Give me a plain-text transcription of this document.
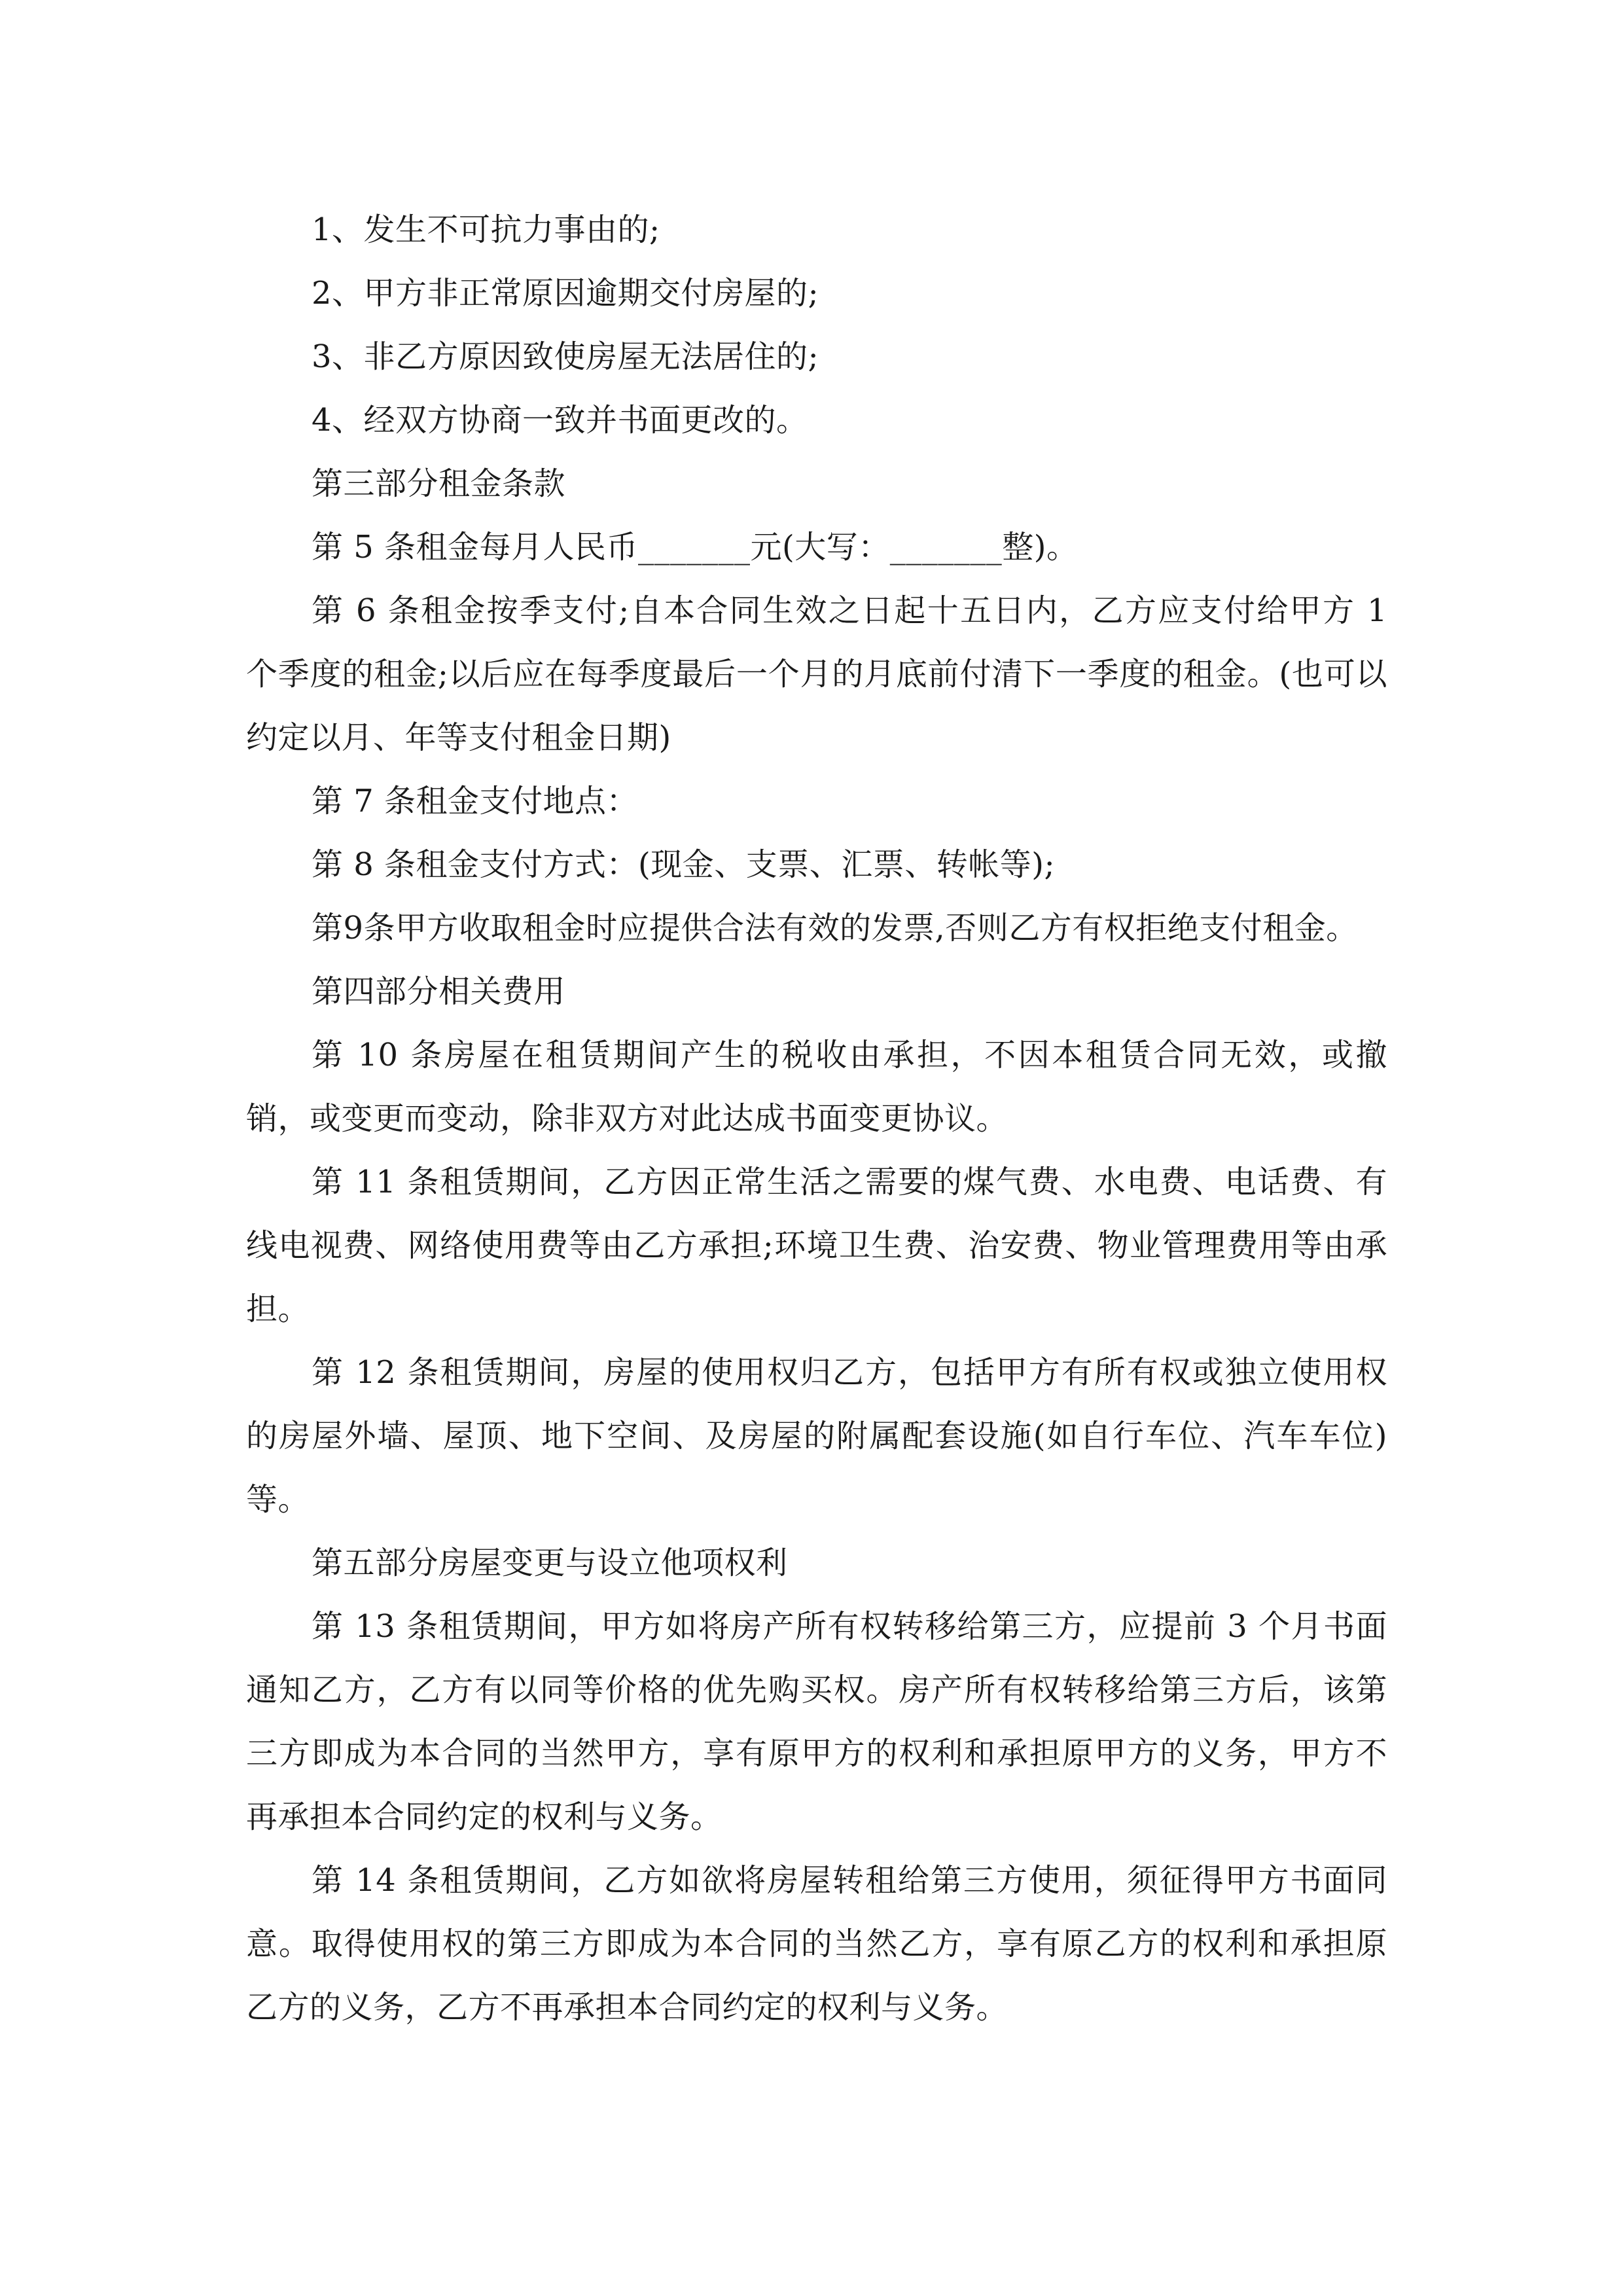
1、发生不可抗力事由的;

2、甲方非正常原因逾期交付房屋的;

3、非乙方原因致使房屋无法居住的;

4、经双方协商一致并书面更改的。

第三部分租金条款

第 5 条租金每月人民币_______元(大写：_______整)。

第 6 条租金按季支付;自本合同生效之日起十五日内，乙方应支付给甲方 1 个季度的租金;以后应在每季度最后一个月的月底前付清下一季度的租金。(也可以约定以月、年等支付租金日期)

第 7 条租金支付地点：

第 8 条租金支付方式：(现金、支票、汇票、转帐等);

第9条甲方收取租金时应提供合法有效的发票,否则乙方有权拒绝支付租金。

第四部分相关费用

第 10 条房屋在租赁期间产生的税收由承担，不因本租赁合同无效，或撤销，或变更而变动，除非双方对此达成书面变更协议。

第 11 条租赁期间，乙方因正常生活之需要的煤气费、水电费、电话费、有线电视费、网络使用费等由乙方承担;环境卫生费、治安费、物业管理费用等由承担。

第 12 条租赁期间，房屋的使用权归乙方，包括甲方有所有权或独立使用权的房屋外墙、屋顶、地下空间、及房屋的附属配套设施(如自行车位、汽车车位)等。

第五部分房屋变更与设立他项权利

第 13 条租赁期间，甲方如将房产所有权转移给第三方，应提前 3 个月书面通知乙方，乙方有以同等价格的优先购买权。房产所有权转移给第三方后，该第三方即成为本合同的当然甲方，享有原甲方的权利和承担原甲方的义务，甲方不再承担本合同约定的权利与义务。

第 14 条租赁期间，乙方如欲将房屋转租给第三方使用，须征得甲方书面同意。取得使用权的第三方即成为本合同的当然乙方，享有原乙方的权利和承担原乙方的义务，乙方不再承担本合同约定的权利与义务。
